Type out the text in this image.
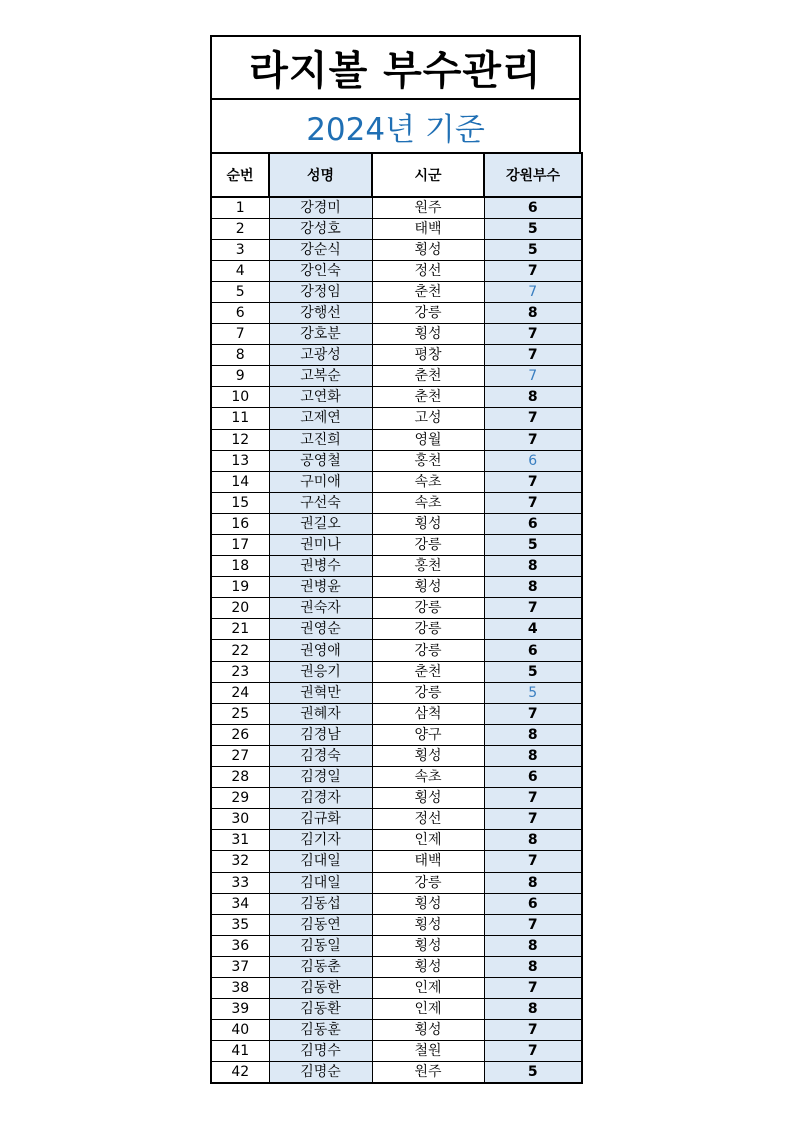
라지볼 부수관리
2024년 기준
순번	성명	시군	강원부수
1	강경미	원주	6
2	강성호	태백	5
3	강순식	횡성	5
4	강인숙	정선	7
5	강정임	춘천	7
6	강행선	강릉	8
7	강호분	횡성	7
8	고광성	평창	7
9	고복순	춘천	7
10	고연화	춘천	8
11	고제연	고성	7
12	고진희	영월	7
13	공영철	홍천	6
14	구미애	속초	7
15	구선숙	속초	7
16	권길오	횡성	6
17	권미나	강릉	5
18	권병수	홍천	8
19	권병윤	횡성	8
20	권숙자	강릉	7
21	권영순	강릉	4
22	권영애	강릉	6
23	권응기	춘천	5
24	권혁만	강릉	5
25	권혜자	삼척	7
26	김경남	양구	8
27	김경숙	횡성	8
28	김경일	속초	6
29	김경자	횡성	7
30	김규화	정선	7
31	김기자	인제	8
32	김대일	태백	7
33	김대일	강릉	8
34	김동섭	횡성	6
35	김동연	횡성	7
36	김동일	횡성	8
37	김동춘	횡성	8
38	김동한	인제	7
39	김동환	인제	8
40	김동훈	횡성	7
41	김명수	철원	7
42	김명순	원주	5
